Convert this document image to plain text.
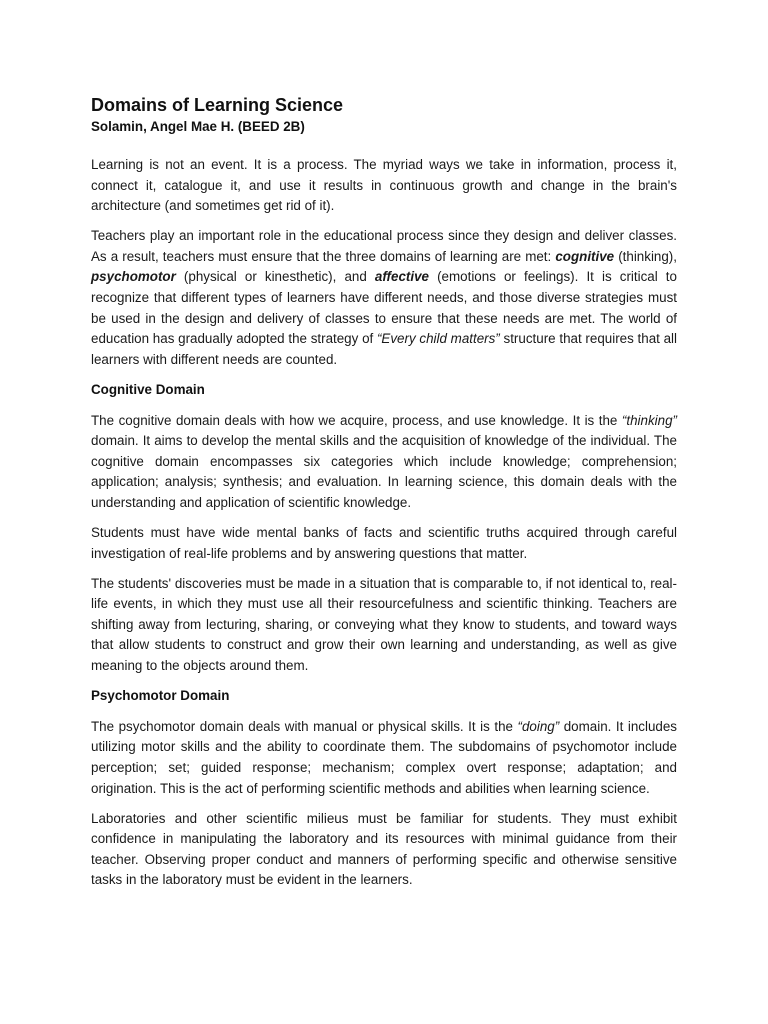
Domains of Learning Science
Solamin, Angel Mae H. (BEED 2B)

Learning is not an event. It is a process. The myriad ways we take in information, process it, connect it, catalogue it, and use it results in continuous growth and change in the brain's architecture (and sometimes get rid of it).

Teachers play an important role in the educational process since they design and deliver classes. As a result, teachers must ensure that the three domains of learning are met: cognitive (thinking), psychomotor (physical or kinesthetic), and affective (emotions or feelings). It is critical to recognize that different types of learners have different needs, and those diverse strategies must be used in the design and delivery of classes to ensure that these needs are met. The world of education has gradually adopted the strategy of “Every child matters” structure that requires that all learners with different needs are counted.

Cognitive Domain

The cognitive domain deals with how we acquire, process, and use knowledge. It is the “thinking” domain. It aims to develop the mental skills and the acquisition of knowledge of the individual. The cognitive domain encompasses six categories which include knowledge; comprehension; application; analysis; synthesis; and evaluation. In learning science, this domain deals with the understanding and application of scientific knowledge.

Students must have wide mental banks of facts and scientific truths acquired through careful investigation of real-life problems and by answering questions that matter.

The students' discoveries must be made in a situation that is comparable to, if not identical to, real-life events, in which they must use all their resourcefulness and scientific thinking. Teachers are shifting away from lecturing, sharing, or conveying what they know to students, and toward ways that allow students to construct and grow their own learning and understanding, as well as give meaning to the objects around them.

Psychomotor Domain

The psychomotor domain deals with manual or physical skills. It is the “doing” domain. It includes utilizing motor skills and the ability to coordinate them. The subdomains of psychomotor include perception; set; guided response; mechanism; complex overt response; adaptation; and origination. This is the act of performing scientific methods and abilities when learning science.

Laboratories and other scientific milieus must be familiar for students. They must exhibit confidence in manipulating the laboratory and its resources with minimal guidance from their teacher. Observing proper conduct and manners of performing specific and otherwise sensitive tasks in the laboratory must be evident in the learners.
